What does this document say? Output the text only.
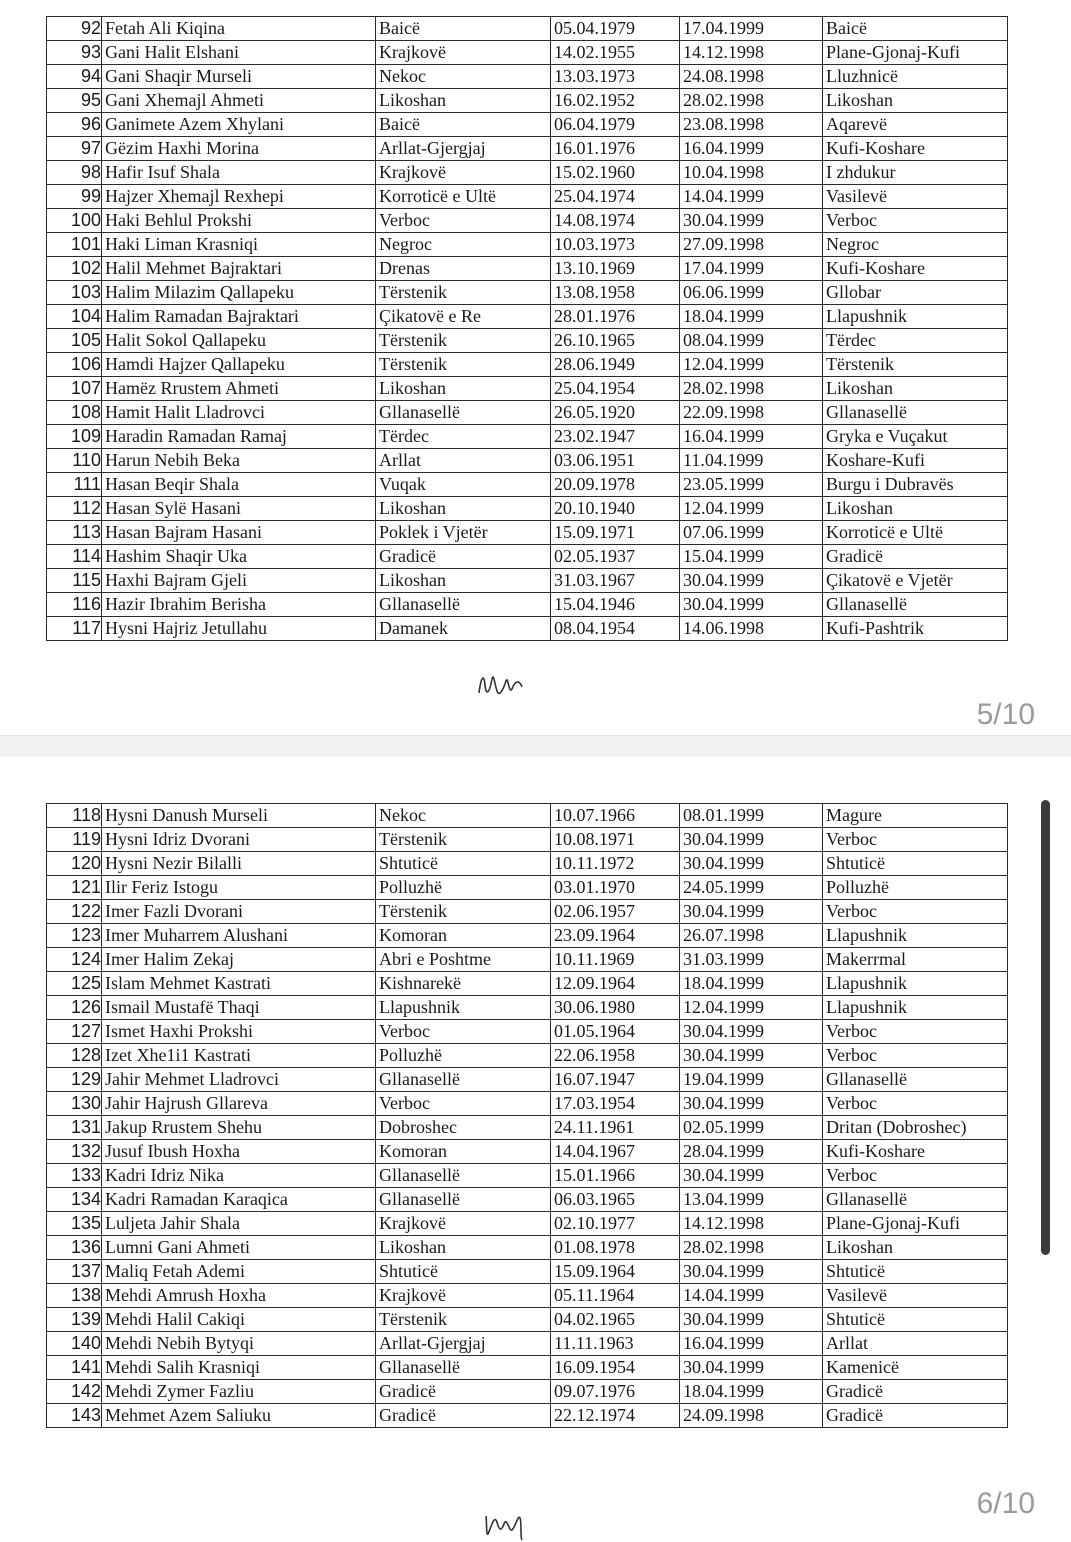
92	Fetah Ali Kiqina	Baicë	05.04.1979	17.04.1999	Baicë
93	Gani Halit Elshani	Krajkovë	14.02.1955	14.12.1998	Plane-Gjonaj-Kufi
94	Gani Shaqir Murseli	Nekoc	13.03.1973	24.08.1998	Lluzhnicë
95	Gani Xhemajl Ahmeti	Likoshan	16.02.1952	28.02.1998	Likoshan
96	Ganimete Azem Xhylani	Baicë	06.04.1979	23.08.1998	Aqarevë
97	Gëzim Haxhi Morina	Arllat-Gjergjaj	16.01.1976	16.04.1999	Kufi-Koshare
98	Hafir Isuf Shala	Krajkovë	15.02.1960	10.04.1998	I zhdukur
99	Hajzer Xhemajl Rexhepi	Korroticë e Ultë	25.04.1974	14.04.1999	Vasilevë
100	Haki Behlul Prokshi	Verboc	14.08.1974	30.04.1999	Verboc
101	Haki Liman Krasniqi	Negroc	10.03.1973	27.09.1998	Negroc
102	Halil Mehmet Bajraktari	Drenas	13.10.1969	17.04.1999	Kufi-Koshare
103	Halim Milazim Qallapeku	Tërstenik	13.08.1958	06.06.1999	Gllobar
104	Halim Ramadan Bajraktari	Çikatovë e Re	28.01.1976	18.04.1999	Llapushnik
105	Halit Sokol Qallapeku	Tërstenik	26.10.1965	08.04.1999	Tërdec
106	Hamdi Hajzer Qallapeku	Tërstenik	28.06.1949	12.04.1999	Tërstenik
107	Hamëz Rrustem Ahmeti	Likoshan	25.04.1954	28.02.1998	Likoshan
108	Hamit Halit Lladrovci	Gllanasellë	26.05.1920	22.09.1998	Gllanasellë
109	Haradin Ramadan Ramaj	Tërdec	23.02.1947	16.04.1999	Gryka e Vuçakut
110	Harun Nebih Beka	Arllat	03.06.1951	11.04.1999	Koshare-Kufi
111	Hasan Beqir Shala	Vuqak	20.09.1978	23.05.1999	Burgu i Dubravës
112	Hasan Sylë Hasani	Likoshan	20.10.1940	12.04.1999	Likoshan
113	Hasan Bajram Hasani	Poklek i Vjetër	15.09.1971	07.06.1999	Korroticë e Ultë
114	Hashim Shaqir Uka	Gradicë	02.05.1937	15.04.1999	Gradicë
115	Haxhi Bajram Gjeli	Likoshan	31.03.1967	30.04.1999	Çikatovë e Vjetër
116	Hazir Ibrahim Berisha	Gllanasellë	15.04.1946	30.04.1999	Gllanasellë
117	Hysni Hajriz Jetullahu	Damanek	08.04.1954	14.06.1998	Kufi-Pashtrik
5/10
118	Hysni Danush Murseli	Nekoc	10.07.1966	08.01.1999	Magure
119	Hysni Idriz Dvorani	Tërstenik	10.08.1971	30.04.1999	Verboc
120	Hysni Nezir Bilalli	Shtuticë	10.11.1972	30.04.1999	Shtuticë
121	Ilir Feriz Istogu	Polluzhë	03.01.1970	24.05.1999	Polluzhë
122	Imer Fazli Dvorani	Tërstenik	02.06.1957	30.04.1999	Verboc
123	Imer Muharrem Alushani	Komoran	23.09.1964	26.07.1998	Llapushnik
124	Imer Halim Zekaj	Abri e Poshtme	10.11.1969	31.03.1999	Makerrmal
125	Islam Mehmet Kastrati	Kishnarekë	12.09.1964	18.04.1999	Llapushnik
126	Ismail Mustafë Thaqi	Llapushnik	30.06.1980	12.04.1999	Llapushnik
127	Ismet Haxhi Prokshi	Verboc	01.05.1964	30.04.1999	Verboc
128	Izet Xhe1i1 Kastrati	Polluzhë	22.06.1958	30.04.1999	Verboc
129	Jahir Mehmet Lladrovci	Gllanasellë	16.07.1947	19.04.1999	Gllanasellë
130	Jahir Hajrush Gllareva	Verboc	17.03.1954	30.04.1999	Verboc
131	Jakup Rrustem Shehu	Dobroshec	24.11.1961	02.05.1999	Dritan (Dobroshec)
132	Jusuf Ibush Hoxha	Komoran	14.04.1967	28.04.1999	Kufi-Koshare
133	Kadri Idriz Nika	Gllanasellë	15.01.1966	30.04.1999	Verboc
134	Kadri Ramadan Karaqica	Gllanasellë	06.03.1965	13.04.1999	Gllanasellë
135	Luljeta Jahir Shala	Krajkovë	02.10.1977	14.12.1998	Plane-Gjonaj-Kufi
136	Lumni Gani Ahmeti	Likoshan	01.08.1978	28.02.1998	Likoshan
137	Maliq Fetah Ademi	Shtuticë	15.09.1964	30.04.1999	Shtuticë
138	Mehdi Amrush Hoxha	Krajkovë	05.11.1964	14.04.1999	Vasilevë
139	Mehdi Halil Cakiqi	Tërstenik	04.02.1965	30.04.1999	Shtuticë
140	Mehdi Nebih Bytyqi	Arllat-Gjergjaj	11.11.1963	16.04.1999	Arllat
141	Mehdi Salih Krasniqi	Gllanasellë	16.09.1954	30.04.1999	Kamenicë
142	Mehdi Zymer Fazliu	Gradicë	09.07.1976	18.04.1999	Gradicë
143	Mehmet Azem Saliuku	Gradicë	22.12.1974	24.09.1998	Gradicë
6/10
